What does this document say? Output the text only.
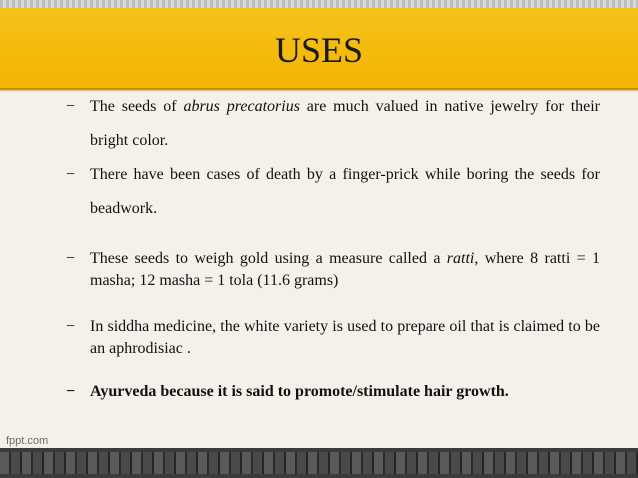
USES
− The seeds of abrus precatorius are much valued in native jewelry for their bright color.
− There have been cases of death by a finger-prick while boring the seeds for beadwork.
− These seeds to weigh gold using a measure called a ratti, where 8 ratti = 1 masha; 12 masha = 1 tola (11.6 grams)
− In siddha medicine, the white variety is used to prepare oil that is claimed to be an aphrodisiac .
− Ayurveda because it is said to promote/stimulate hair growth.
fppt.com
